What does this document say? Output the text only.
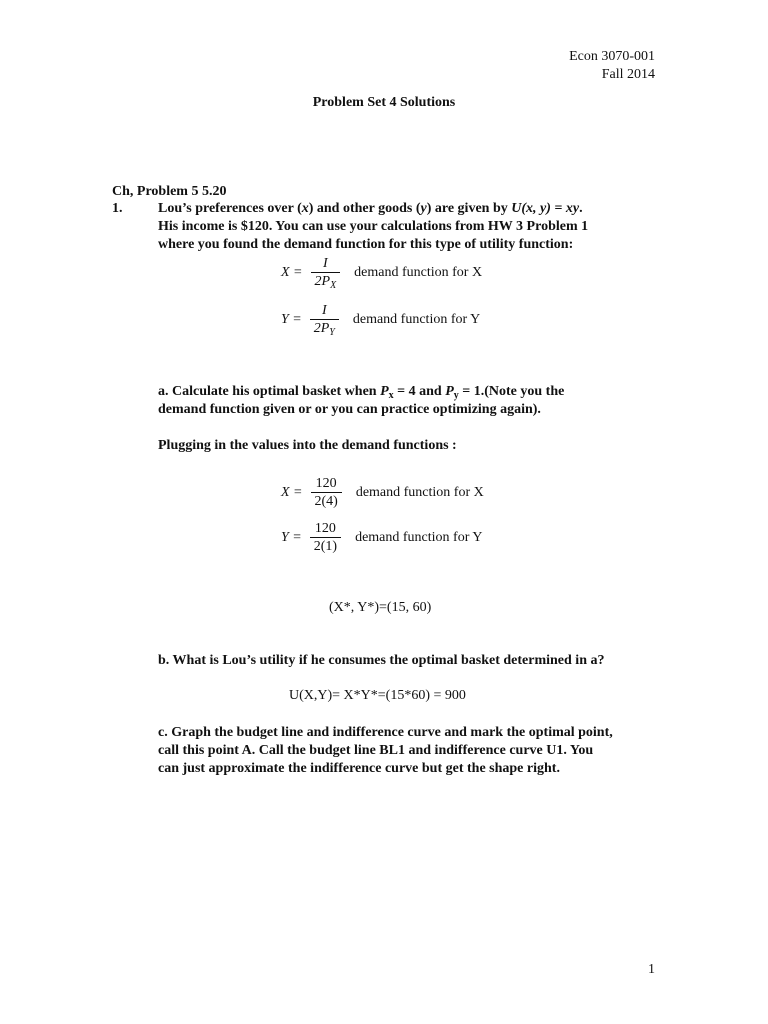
Econ 3070-001
Fall 2014
Problem Set 4 Solutions
Ch, Problem 5 5.20
1.	Lou’s preferences over (x) and other goods (y) are given by U(x, y) = xy.
His income is $120. You can use your calculations from HW 3 Problem 1
where you found the demand function for this type of utility function:
$X = \frac{I}{2P_X}$ demand function for X
$Y = \frac{I}{2P_Y}$ demand function for Y
a. Calculate his optimal basket when $P_x = 4$ and $P_y$ = 1.(Note you the
demand function given or or you can practice optimizing again).
Plugging in the values into the demand functions :
$X = \frac{120}{2(4)}$ demand function for X
$Y = \frac{120}{2(1)}$ demand function for Y
(X*, Y*)=(15, 60)
b. What is Lou’s utility if he consumes the optimal basket determined in a?
U(X,Y)= X*Y*=(15*60) = 900
c. Graph the budget line and indifference curve and mark the optimal point,
call this point A. Call the budget line BL1 and indifference curve U1. You
can just approximate the indifference curve but get the shape right.
1
